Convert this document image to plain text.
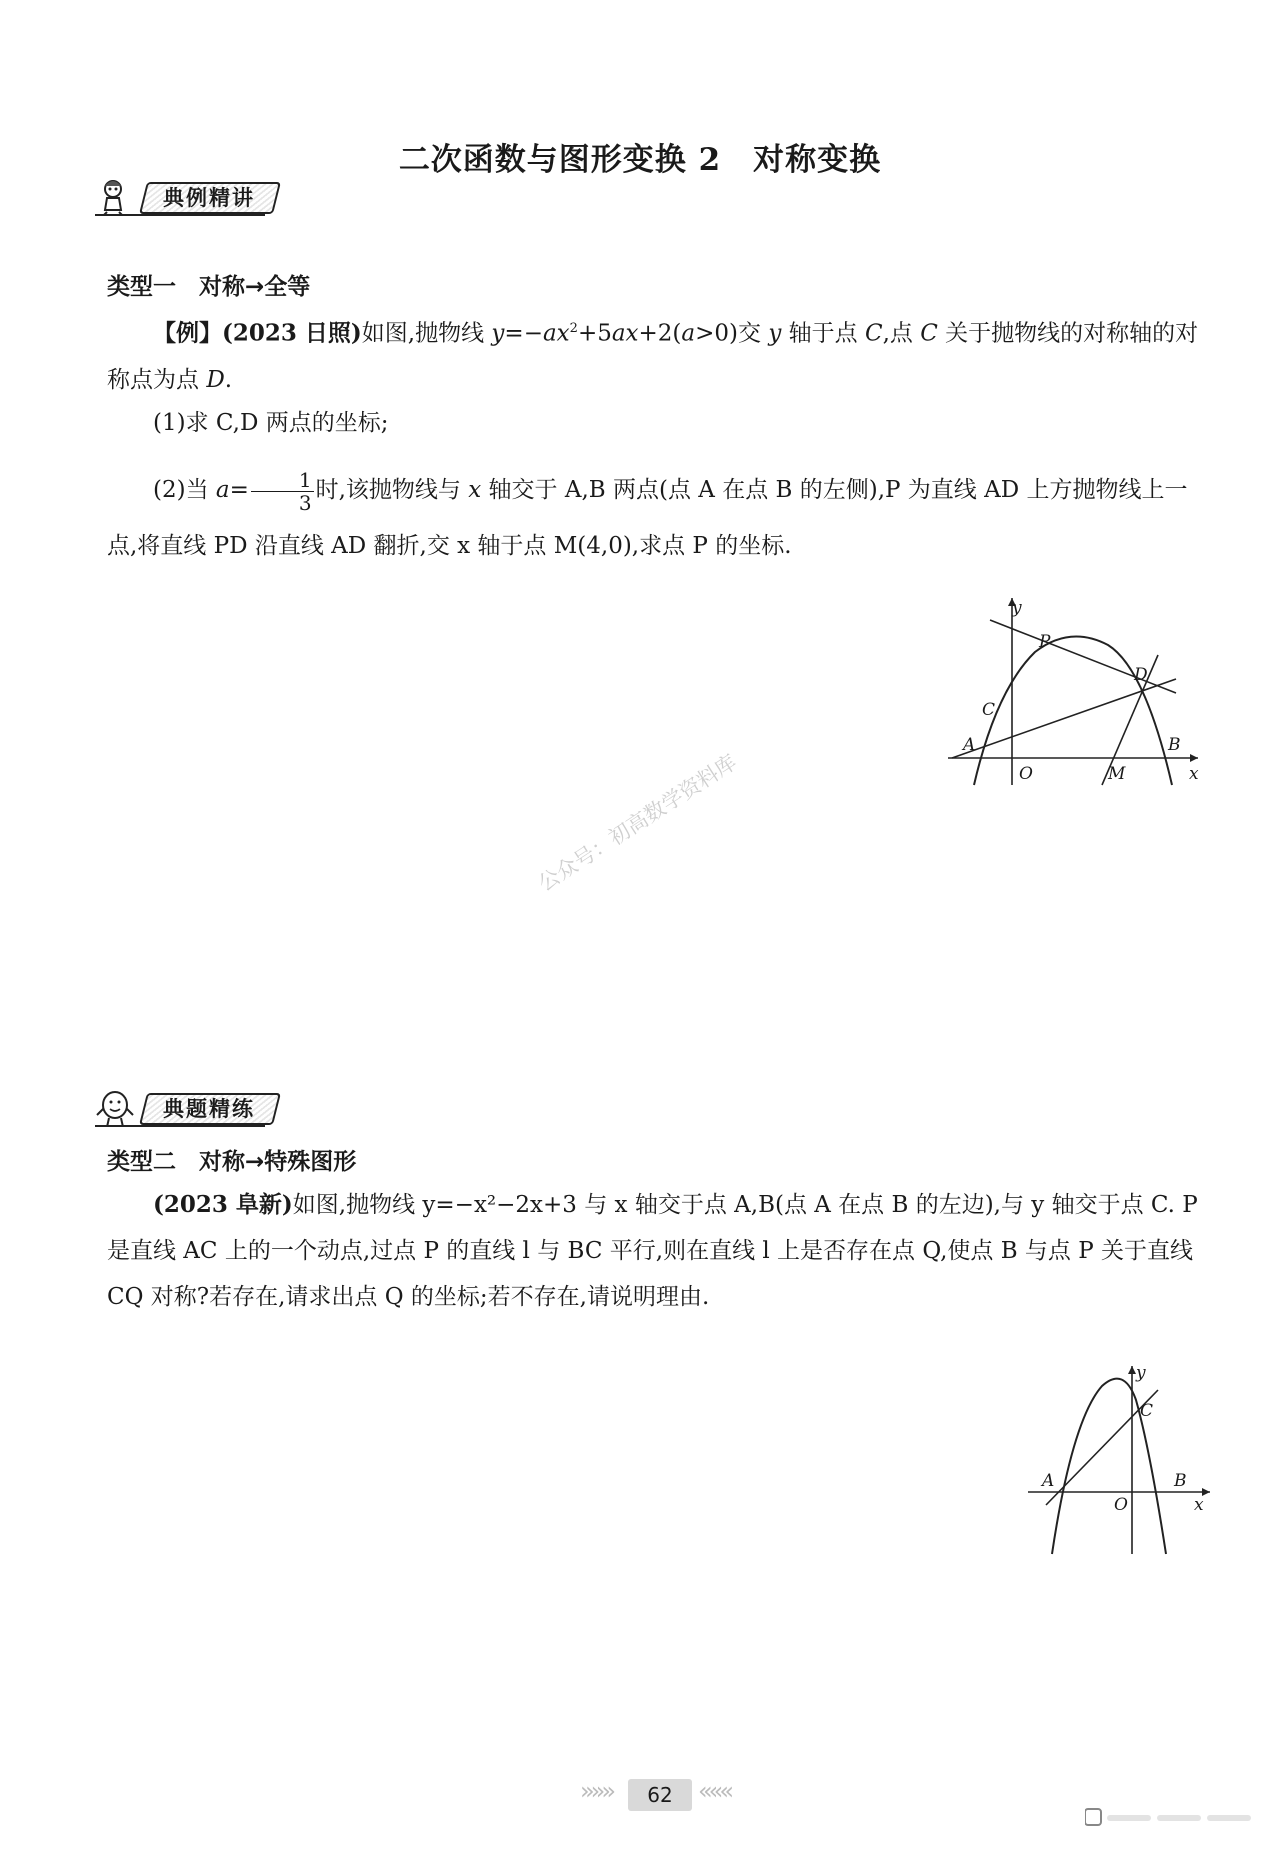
二次函数与图形变换 2　对称变换
典例精讲
类型一　对称→全等
【例】(2023 日照)如图,抛物线 $y=-ax^2+5ax+2(a>0)$交 y 轴于点 C,点 C 关于抛物线的对称轴的对称点为点 D.
(1)求 C,D 两点的坐标;
(2)当 $a= \frac{1}{3}$ 时,该抛物线与 x 轴交于 A,B 两点(点 A 在点 B 的左侧),P 为直线 AD 上方抛物线上一点,将直线 PD 沿直线 AD 翻折,交 x 轴于点 M(4,0),求点 P 的坐标.
y
P
C
D
A	B
O	M	x
公众号：初高数学资料库
典题精练
类型二　对称→特殊图形
(2023 阜新)如图,抛物线 y=−x²−2x+3 与 x 轴交于点 A,B(点 A 在点 B 的左边),与 y 轴交于点 C. P 是直线 AC 上的一个动点,过点 P 的直线 l 与 BC 平行,则在直线 l 上是否存在点 Q,使点 B 与点 P 关于直线 CQ 对称?若存在,请求出点 Q 的坐标;若不存在,请说明理由.
y
C
A	B
O	x
»»»	62	«««
